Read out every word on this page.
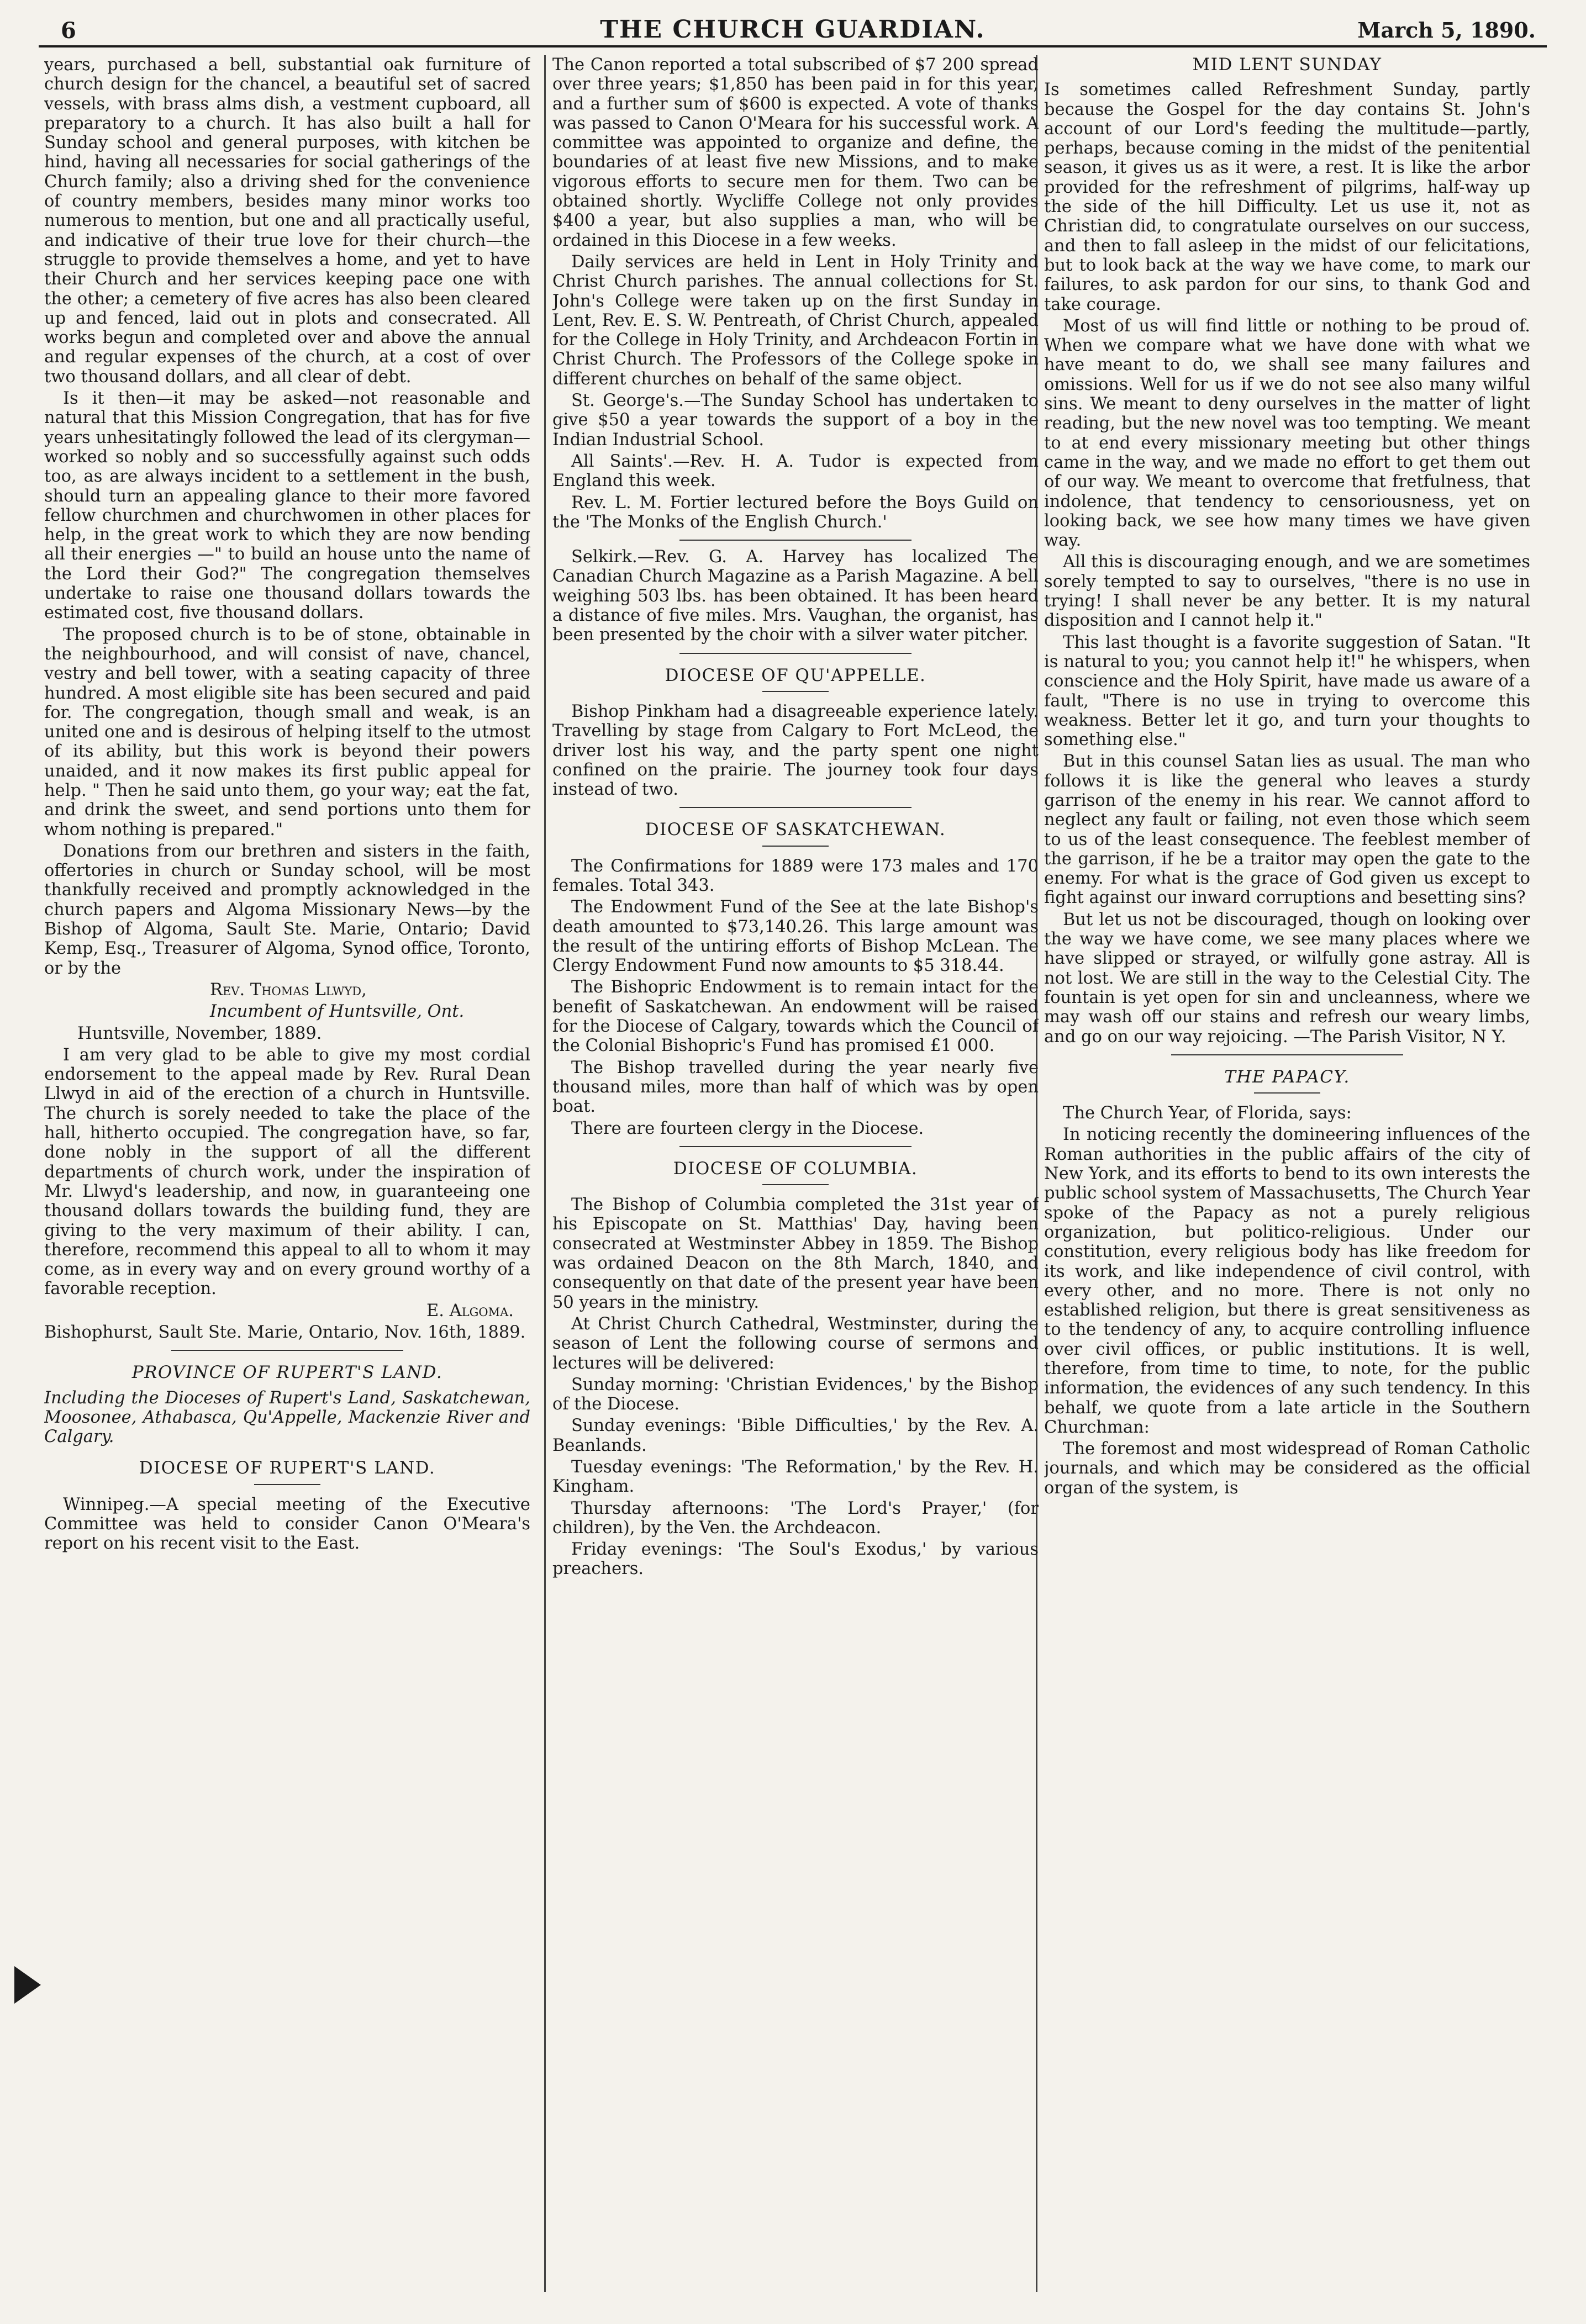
6	THE CHURCH GUARDIAN.	March 5, 1890.

years, purchased a bell, substantial oak furniture of church design for the chancel, a beautiful set of sacred vessels, with brass alms dish, a vestment cupboard, all preparatory to a church. It has also built a hall for Sunday school and general purposes, with kitchen be hind, having all necessaries for social gatherings of the Church family; also a driving shed for the convenience of country members, besides many minor works too numerous to mention, but one and all practically useful, and indicative of their true love for their church—the struggle to provide themselves a home, and yet to have their Church and her services keeping pace one with the other; a cemetery of five acres has also been cleared up and fenced, laid out in plots and consecrated. All works begun and completed over and above the annual and regular expenses of the church, at a cost of over two thousand dollars, and all clear of debt.

Is it then—it may be asked—not reasonable and natural that this Mission Congregation, that has for five years unhesitatingly followed the lead of its clergyman—worked so nobly and so successfully against such odds too, as are always incident to a settlement in the bush, should turn an appealing glance to their more favored fellow churchmen and churchwomen in other places for help, in the great work to which they are now bending all their energies —" to build an house unto the name of the Lord their God?" The congregation themselves undertake to raise one thousand dollars towards the estimated cost, five thousand dollars.

The proposed church is to be of stone, obtainable in the neighbourhood, and will consist of nave, chancel, vestry and bell tower, with a seating capacity of three hundred. A most eligible site has been secured and paid for. The congregation, though small and weak, is an united one and is desirous of helping itself to the utmost of its ability, but this work is beyond their powers unaided, and it now makes its first public appeal for help. " Then he said unto them, go your way; eat the fat, and drink the sweet, and send portions unto them for whom nothing is prepared."

Donations from our brethren and sisters in the faith, offertories in church or Sunday school, will be most thankfully received and promptly acknowledged in the church papers and Algoma Missionary News—by the Bishop of Algoma, Sault Ste. Marie, Ontario; David Kemp, Esq., Treasurer of Algoma, Synod office, Toronto, or by the

Rev. Thomas Llwyd,

Incumbent of Huntsville, Ont.

Huntsville, November, 1889.

I am very glad to be able to give my most cordial endorsement to the appeal made by Rev. Rural Dean Llwyd in aid of the erection of a church in Huntsville. The church is sorely needed to take the place of the hall, hitherto occupied. The congregation have, so far, done nobly in the support of all the different departments of church work, under the inspiration of Mr. Llwyd's leadership, and now, in guaranteeing one thousand dollars towards the building fund, they are giving to the very maximum of their ability. I can, therefore, recommend this appeal to all to whom it may come, as in every way and on every ground worthy of a favorable reception.

E. Algoma.

Bishophurst, Sault Ste. Marie, Ontario, Nov. 16th, 1889.

PROVINCE OF RUPERT'S LAND.

Including the Dioceses of Rupert's Land, Saskatchewan, Moosonee, Athabasca, Qu'Appelle, Mackenzie River and Calgary.

DIOCESE OF RUPERT'S LAND.

Winnipeg.—A special meeting of the Executive Committee was held to consider Canon O'Meara's report on his recent visit to the East.

The Canon reported a total subscribed of $7 200 spread over three years; $1,850 has been paid in for this year, and a further sum of $600 is expected. A vote of thanks was passed to Canon O'Meara for his successful work. A committee was appointed to organize and define, the boundaries of at least five new Missions, and to make vigorous efforts to secure men for them. Two can be obtained shortly. Wycliffe College not only provides $400 a year, but also supplies a man, who will be ordained in this Diocese in a few weeks.

Daily services are held in Lent in Holy Trinity and Christ Church parishes. The annual collections for St. John's College were taken up on the first Sunday in Lent, Rev. E. S. W. Pentreath, of Christ Church, appealed for the College in Holy Trinity, and Archdeacon Fortin in Christ Church. The Professors of the College spoke in different churches on behalf of the same object.

St. George's.—The Sunday School has undertaken to give $50 a year towards the support of a boy in the Indian Industrial School.

All Saints'.—Rev. H. A. Tudor is expected from England this week.

Rev. L. M. Fortier lectured before the Boys Guild on the 'The Monks of the English Church.'

Selkirk.—Rev. G. A. Harvey has localized The Canadian Church Magazine as a Parish Magazine. A bell weighing 503 lbs. has been obtained. It has been heard a distance of five miles. Mrs. Vaughan, the organist, has been presented by the choir with a silver water pitcher.

DIOCESE OF QU'APPELLE.

Bishop Pinkham had a disagreeable experience lately. Travelling by stage from Calgary to Fort McLeod, the driver lost his way, and the party spent one night confined on the prairie. The journey took four days instead of two.

DIOCESE OF SASKATCHEWAN.

The Confirmations for 1889 were 173 males and 170 females. Total 343.

The Endowment Fund of the See at the late Bishop's death amounted to $73,140.26. This large amount was the result of the untiring efforts of Bishop McLean. The Clergy Endowment Fund now amounts to $5 318.44.

The Bishopric Endowment is to remain intact for the benefit of Saskatchewan. An endowment will be raised for the Diocese of Calgary, towards which the Council of the Colonial Bishopric's Fund has promised £1 000.

The Bishop travelled during the year nearly five thousand miles, more than half of which was by open boat.

There are fourteen clergy in the Diocese.

DIOCESE OF COLUMBIA.

The Bishop of Columbia completed the 31st year of his Episcopate on St. Matthias' Day, having been consecrated at Westminster Abbey in 1859. The Bishop was ordained Deacon on the 8th March, 1840, and consequently on that date of the present year have been 50 years in the ministry.

At Christ Church Cathedral, Westminster, during the season of Lent the following course of sermons and lectures will be delivered:

Sunday morning: 'Christian Evidences,' by the Bishop of the Diocese.

Sunday evenings: 'Bible Difficulties,' by the Rev. A. Beanlands.

Tuesday evenings: 'The Reformation,' by the Rev. H. Kingham.

Thursday afternoons: 'The Lord's Prayer,' (for children), by the Ven. the Archdeacon.

Friday evenings: 'The Soul's Exodus,' by various preachers.

MID LENT SUNDAY

Is sometimes called Refreshment Sunday, partly because the Gospel for the day contains St. John's account of our Lord's feeding the multitude—partly, perhaps, because coming in the midst of the penitential season, it gives us as it were, a rest. It is like the arbor provided for the refreshment of pilgrims, half-way up the side of the hill Difficulty. Let us use it, not as Christian did, to congratulate ourselves on our success, and then to fall asleep in the midst of our felicitations, but to look back at the way we have come, to mark our failures, to ask pardon for our sins, to thank God and take courage.

Most of us will find little or nothing to be proud of. When we compare what we have done with what we have meant to do, we shall see many failures and omissions. Well for us if we do not see also many wilful sins. We meant to deny ourselves in the matter of light reading, but the new novel was too tempting. We meant to at end every missionary meeting but other things came in the way, and we made no effort to get them out of our way. We meant to overcome that fretfulness, that indolence, that tendency to censoriousness, yet on looking back, we see how many times we have given way.

All this is discouraging enough, and we are sometimes sorely tempted to say to ourselves, "there is no use in trying! I shall never be any better. It is my natural disposition and I cannot help it."

This last thought is a favorite suggestion of Satan. "It is natural to you; you cannot help it!" he whispers, when conscience and the Holy Spirit, have made us aware of a fault, "There is no use in trying to overcome this weakness. Better let it go, and turn your thoughts to something else."

But in this counsel Satan lies as usual. The man who follows it is like the general who leaves a sturdy garrison of the enemy in his rear. We cannot afford to neglect any fault or failing, not even those which seem to us of the least consequence. The feeblest member of the garrison, if he be a traitor may open the gate to the enemy. For what is the grace of God given us except to fight against our inward corruptions and besetting sins?

But let us not be discouraged, though on looking over the way we have come, we see many places where we have slipped or strayed, or wilfully gone astray. All is not lost. We are still in the way to the Celestial City. The fountain is yet open for sin and uncleanness, where we may wash off our stains and refresh our weary limbs, and go on our way rejoicing. —The Parish Visitor, N Y.

THE PAPACY.

The Church Year, of Florida, says:

In noticing recently the domineering influences of the Roman authorities in the public affairs of the city of New York, and its efforts to bend to its own interests the public school system of Massachusetts, The Church Year spoke of the Papacy as not a purely religious organization, but politico-religious. Under our constitution, every religious body has like freedom for its work, and like independence of civil control, with every other, and no more. There is not only no established religion, but there is great sensitiveness as to the tendency of any, to acquire controlling influence over civil offices, or public institutions. It is well, therefore, from time to time, to note, for the public information, the evidences of any such tendency. In this behalf, we quote from a late article in the Southern Churchman:

The foremost and most widespread of Roman Catholic journals, and which may be considered as the official organ of the system, is
